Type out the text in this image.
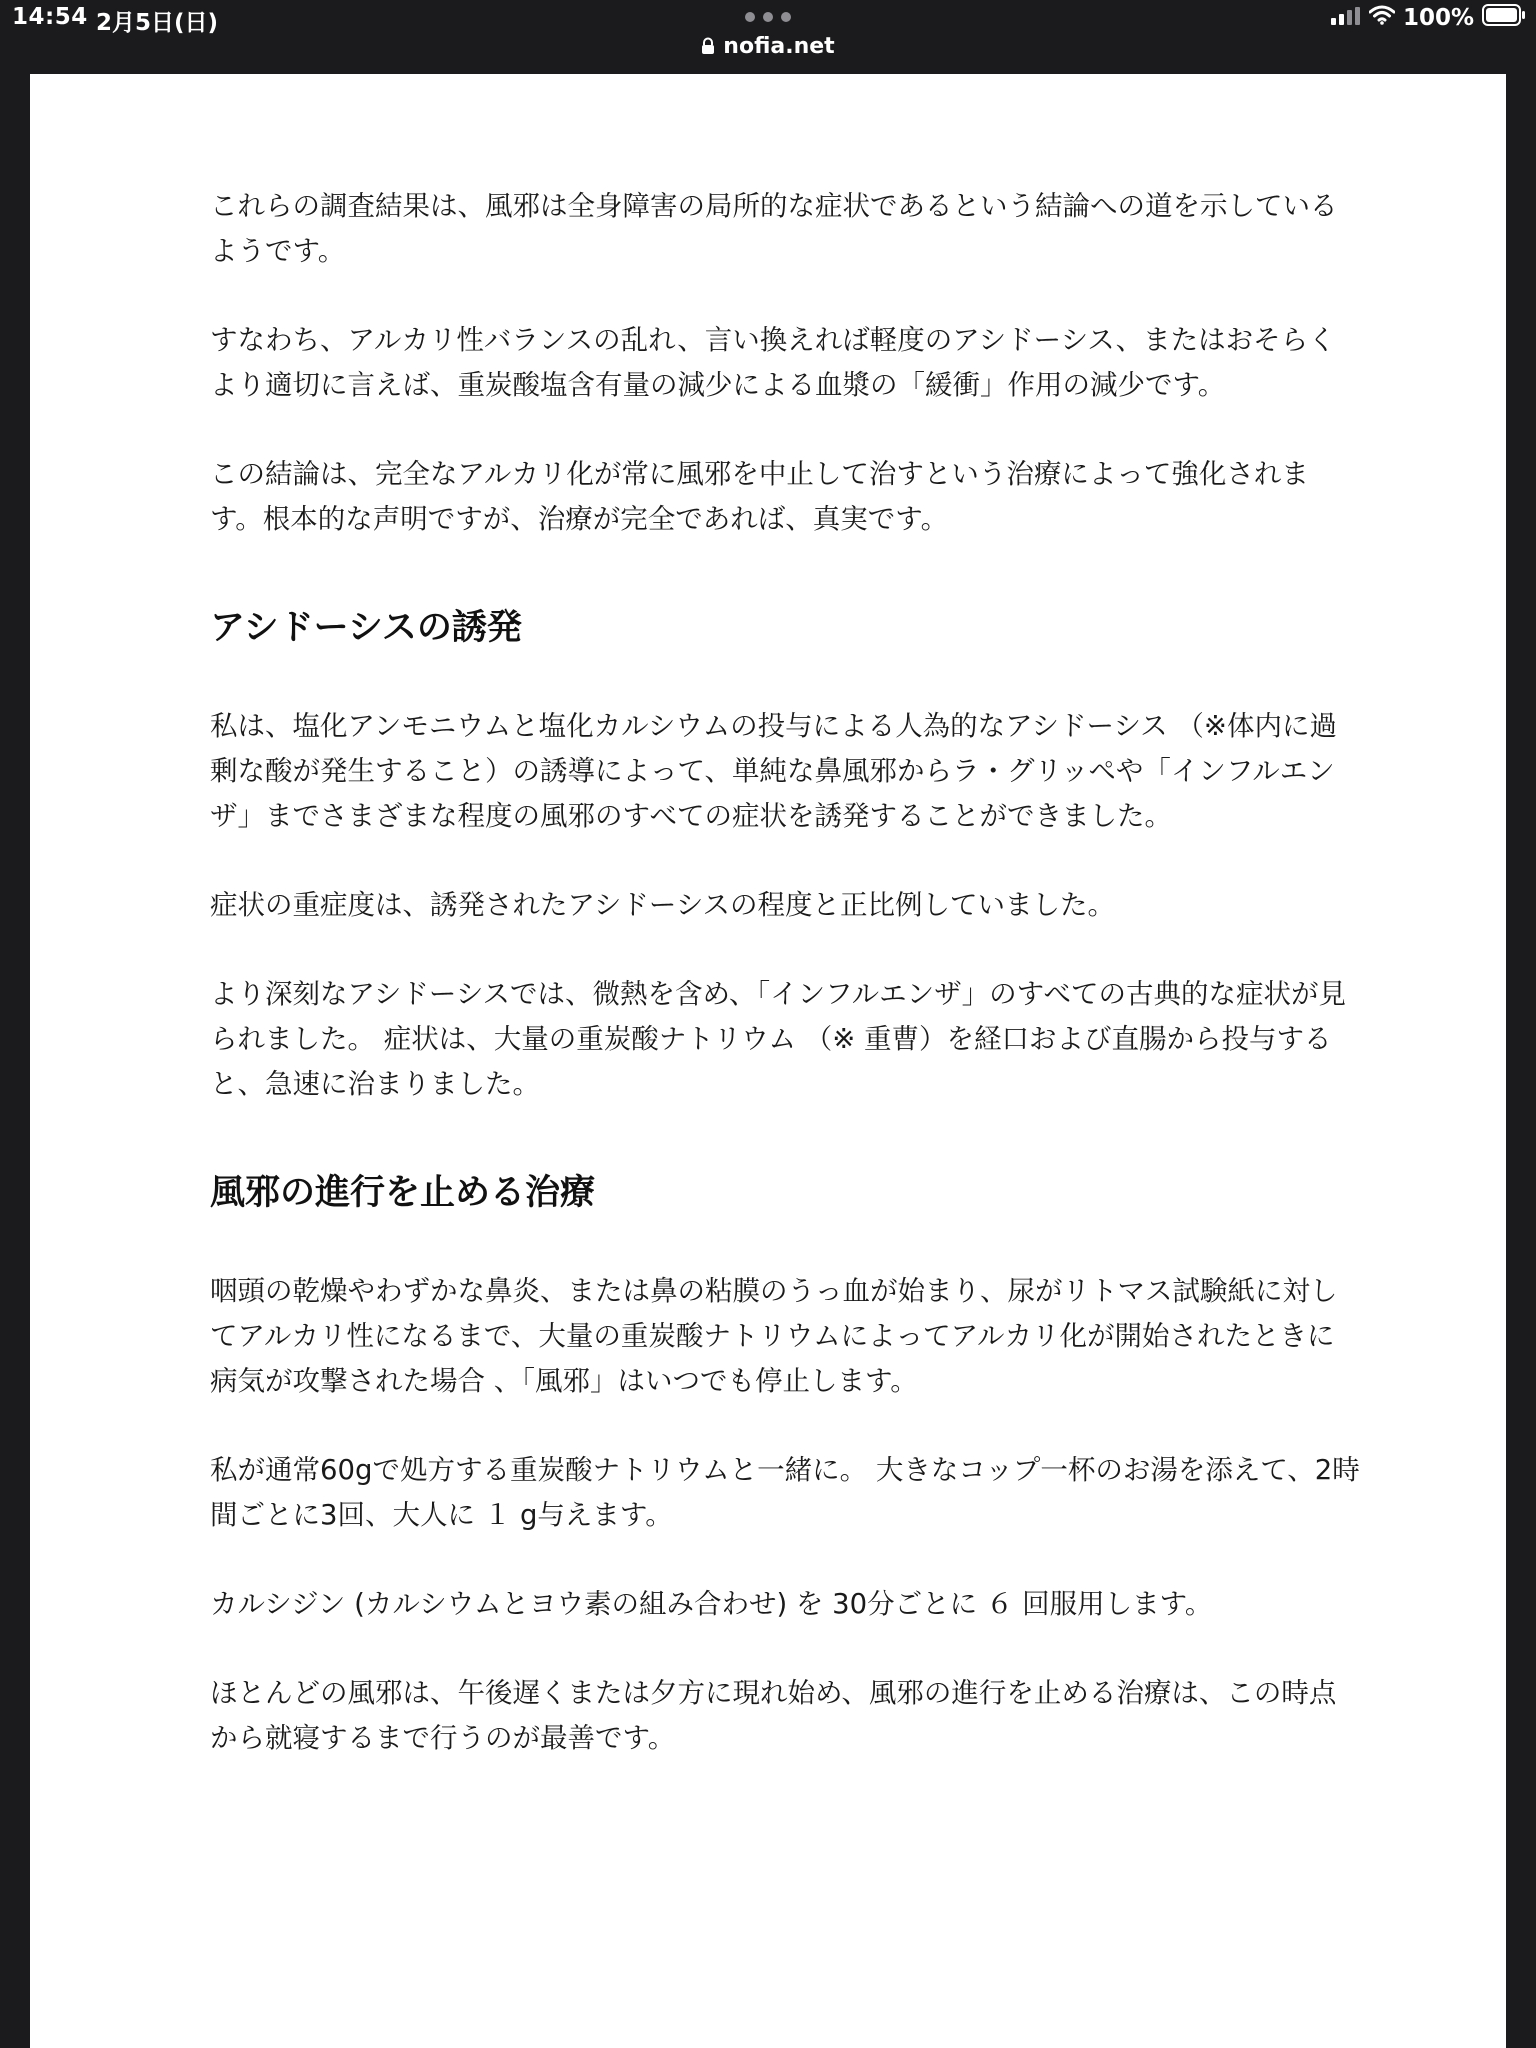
14:54 2月5日(日)
nofia.net
100%

これらの調査結果は、風邪は全身障害の局所的な症状であるという結論への道を示しているようです。

すなわち、アルカリ性バランスの乱れ、言い換えれば軽度のアシドーシス、またはおそらくより適切に言えば、重炭酸塩含有量の減少による血漿の「緩衝」作用の減少です。

この結論は、完全なアルカリ化が常に風邪を中止して治すという治療によって強化されます。根本的な声明ですが、治療が完全であれば、真実です。

アシドーシスの誘発

私は、塩化アンモニウムと塩化カルシウムの投与による人為的なアシドーシス （※体内に過剰な酸が発生すること）の誘導によって、単純な鼻風邪からラ・グリッペや「インフルエンザ」までさまざまな程度の風邪のすべての症状を誘発することができました。

症状の重症度は、誘発されたアシドーシスの程度と正比例していました。

より深刻なアシドーシスでは、微熱を含め、「インフルエンザ」のすべての古典的な症状が見られました。 症状は、大量の重炭酸ナトリウム （※ 重曹）を経口および直腸から投与すると、急速に治まりました。

風邪の進行を止める治療

咽頭の乾燥やわずかな鼻炎、または鼻の粘膜のうっ血が始まり、尿がリトマス試験紙に対してアルカリ性になるまで、大量の重炭酸ナトリウムによってアルカリ化が開始されたときに病気が攻撃された場合 、「風邪」はいつでも停止します。

私が通常60gで処方する重炭酸ナトリウムと一緒に。 大きなコップ一杯のお湯を添えて、2時間ごとに3回、大人に １ g与えます。

カルシジン (カルシウムとヨウ素の組み合わせ) を 30分ごとに ６ 回服用します。

ほとんどの風邪は、午後遅くまたは夕方に現れ始め、風邪の進行を止める治療は、この時点から就寝するまで行うのが最善です。
